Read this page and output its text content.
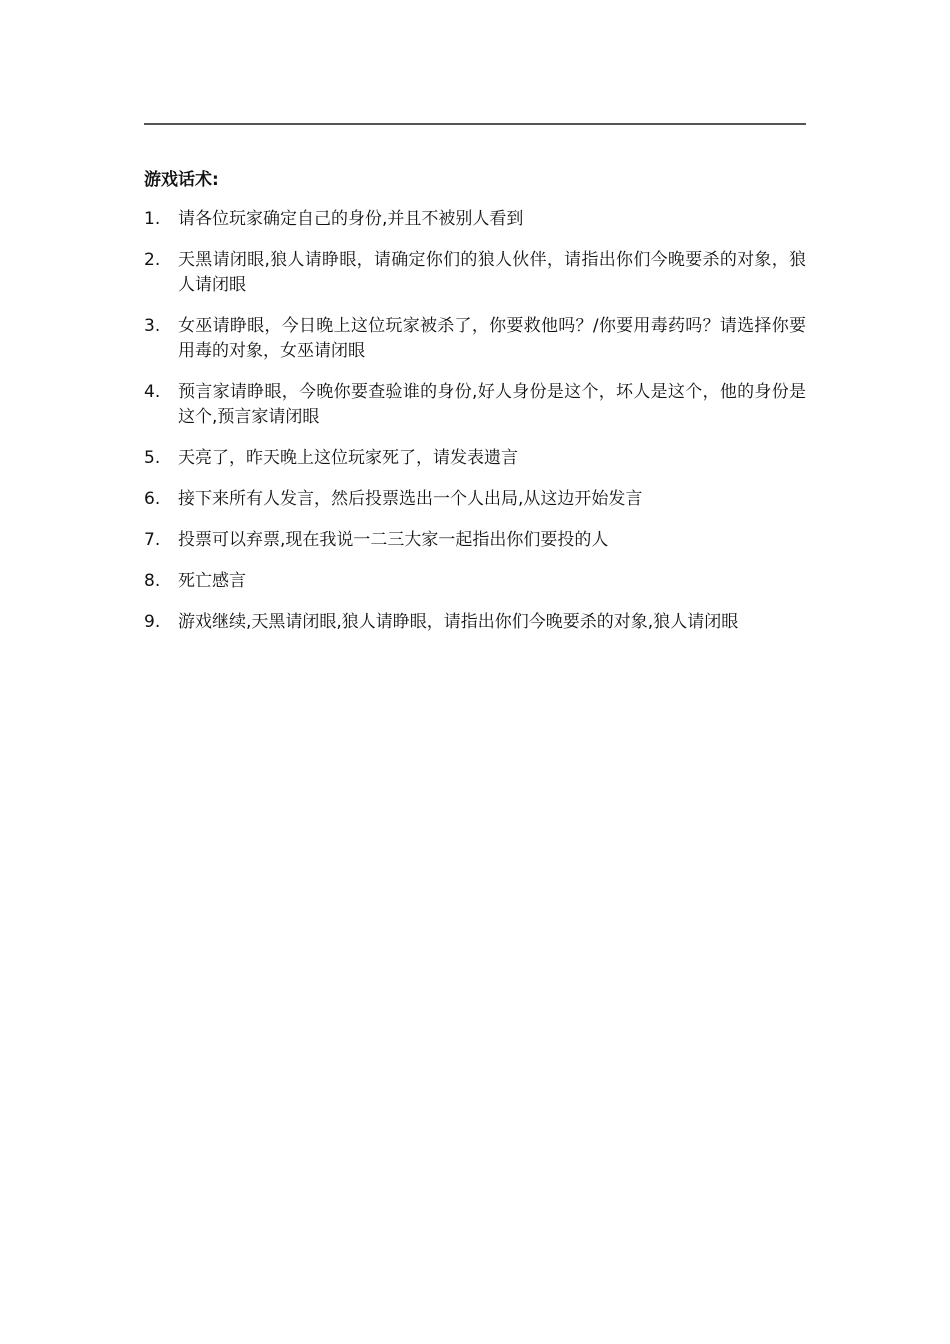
游戏话术:
1.	请各位玩家确定自己的身份,并且不被别人看到
2.	天黑请闭眼,狼人请睁眼，请确定你们的狼人伙伴，请指出你们今晚要杀的对象，狼人请闭眼
3.	女巫请睁眼，今日晚上这位玩家被杀了，你要救他吗？/你要用毒药吗？请选择你要用毒的对象，女巫请闭眼
4.	预言家请睁眼，今晚你要查验谁的身份,好人身份是这个，坏人是这个，他的身份是这个,预言家请闭眼
5.	天亮了，昨天晚上这位玩家死了，请发表遗言
6.	接下来所有人发言，然后投票选出一个人出局,从这边开始发言
7.	投票可以弃票,现在我说一二三大家一起指出你们要投的人
8.	死亡感言
9.	游戏继续,天黑请闭眼,狼人请睁眼，请指出你们今晚要杀的对象,狼人请闭眼
